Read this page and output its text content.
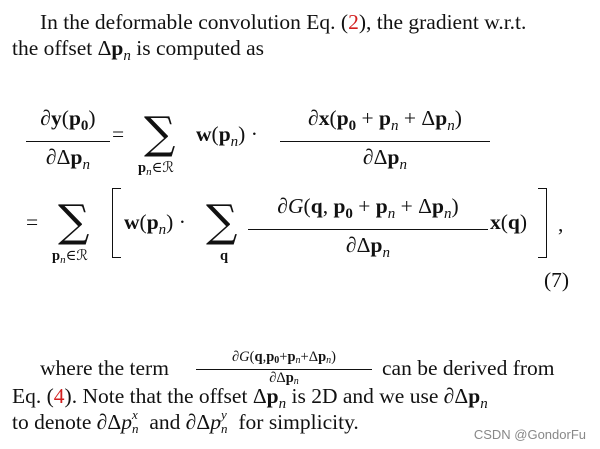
In the deformable convolution Eq. (2), the gradient w.r.t.
the offset $\Delta p_n$ is computed as
$\partial y(p_0)$
$\partial\Delta p_n$
= ∑
$p_n\in ℛ$
$w(p_n)$ ·
$\partial x(p_0 + p_n + \Delta p_n)$
$\partial\Delta p_n$
= ∑
$p_n\in ℛ$
$w(p_n)$ · ∑
q
∂G(q, $p_0 + p_n + \Delta p_n$)
$\partial\Delta p_n$
x(q) ,
(7)
where the term	∂G(q,p0+pn+Δpn)
∂Δpn
can be derived from
Eq. (4). Note that the offset $\Delta p_n$ is 2D and we use $\partial\Delta p_n$
to denote ∂Δp x
n and ∂Δp y
n for simplicity.
CSDN @GondorFu
